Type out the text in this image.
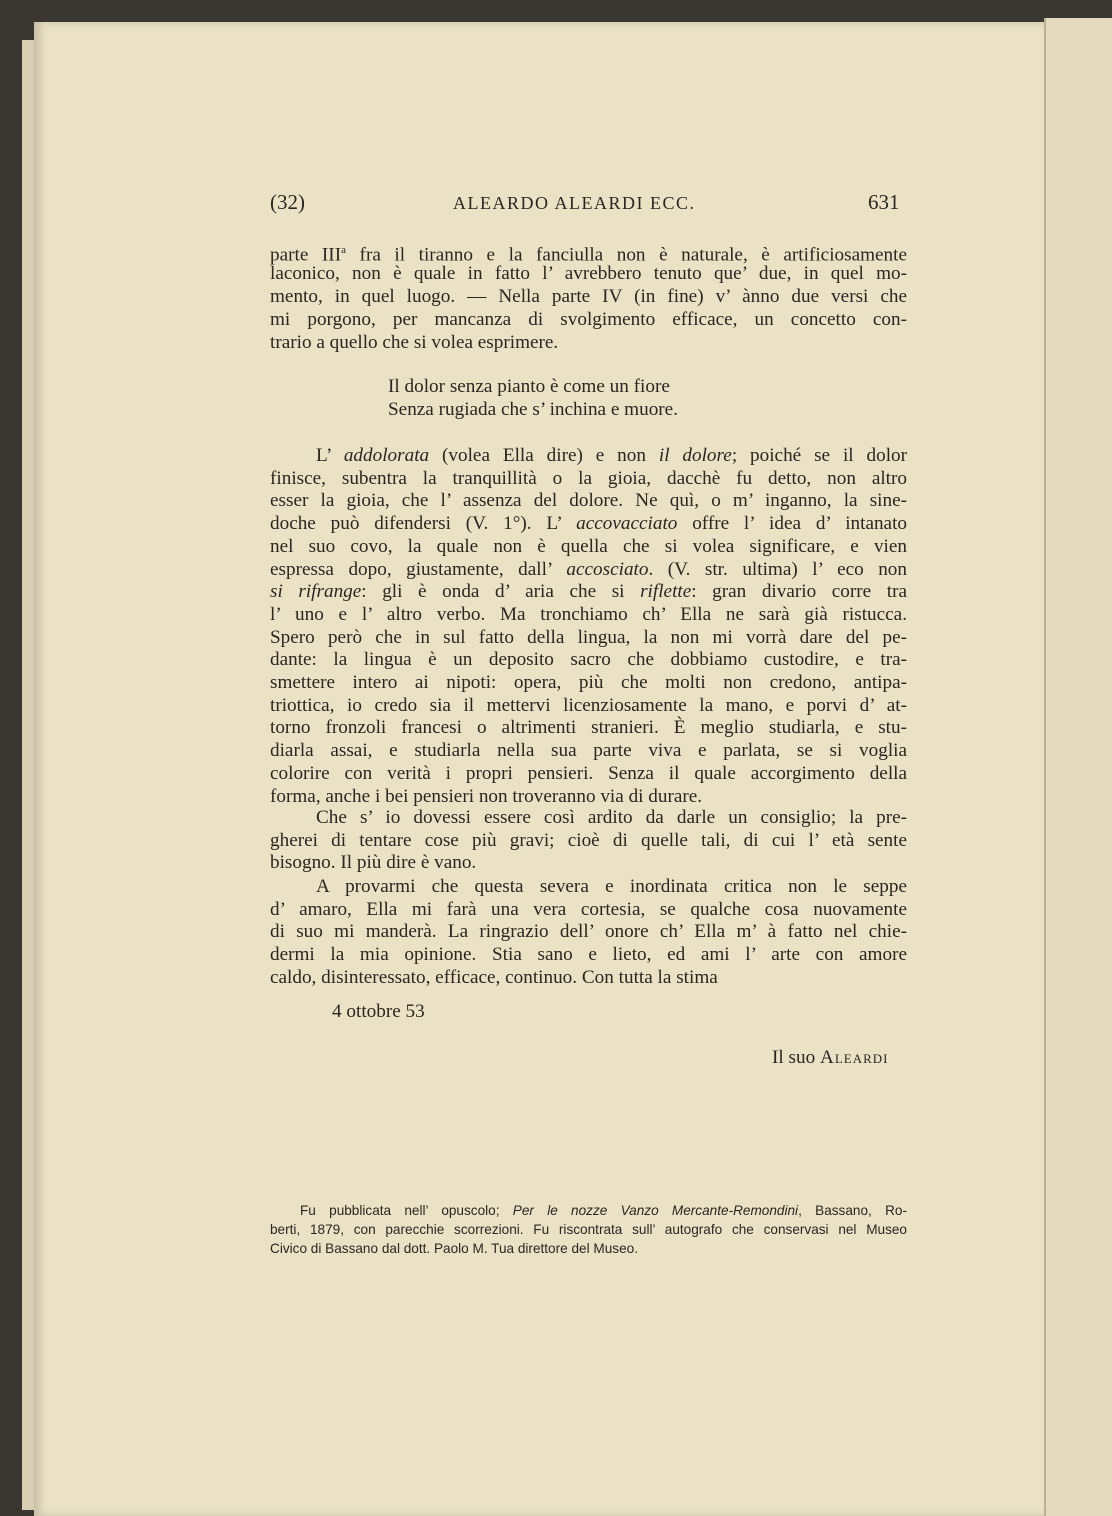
(32)	ALEARDO ALEARDI ECC.	631
parte III$^a$ fra il tiranno e la fanciulla non è naturale, è artificiosamente
laconico, non è quale in fatto l’ avrebbero tenuto que’ due, in quel mo-
mento, in quel luogo. — Nella parte IV (in fine) v’ ànno due versi che
mi porgono, per mancanza di svolgimento efficace, un concetto con-
trario a quello che si volea esprimere.
L’ addolorata (volea Ella dire) e non il dolore; poiché se il dolor
finisce, subentra la tranquillità o la gioia, dacchè fu detto, non altro
esser la gioia, che l’ assenza del dolore. Ne quì, o m’ inganno, la sine-
doche può difendersi (V. 1°). L’ accovacciato offre l’ idea d’ intanato
nel suo covo, la quale non è quella che si volea significare, e vien
espressa dopo, giustamente, dall’ accosciato. (V. str. ultima) l’ eco non
si rifrange: gli è onda d’ aria che si riflette: gran divario corre tra
l’ uno e l’ altro verbo. Ma tronchiamo ch’ Ella ne sarà già ristucca.
Spero però che in sul fatto della lingua, la non mi vorrà dare del pe-
dante: la lingua è un deposito sacro che dobbiamo custodire, e tra-
smettere intero ai nipoti: opera, più che molti non credono, antipa-
triottica, io credo sia il mettervi licenziosamente la mano, e porvi d’ at-
torno fronzoli francesi o altrimenti stranieri. È meglio studiarla, e stu-
diarla assai, e studiarla nella sua parte viva e parlata, se si voglia
colorire con verità i propri pensieri. Senza il quale accorgimento della
forma, anche i bei pensieri non troveranno via di durare.
Che s’ io dovessi essere così ardito da darle un consiglio; la pre-
gherei di tentare cose più gravi; cioè di quelle tali, di cui l’ età sente
bisogno. Il più dire è vano.
A provarmi che questa severa e inordinata critica non le seppe
d’ amaro, Ella mi farà una vera cortesia, se qualche cosa nuovamente
di suo mi manderà. La ringrazio dell’ onore ch’ Ella m’ à fatto nel chie-
dermi la mia opinione. Stia sano e lieto, ed ami l’ arte con amore
caldo, disinteressato, efficace, continuo. Con tutta la stima
Fu pubblicata nell’ opuscolo; Per le nozze Vanzo Mercante-Remondini, Bassano, Ro-
berti, 1879, con parecchie scorrezioni. Fu riscontrata sull’ autografo che conservasi nel Museo
Civico di Bassano dal dott. Paolo M. Tua direttore del Museo.
Il dolor senza pianto è come un fiore
Senza rugiada che s’ inchina e muore.
4 ottobre 53
Il suo Aleardi
